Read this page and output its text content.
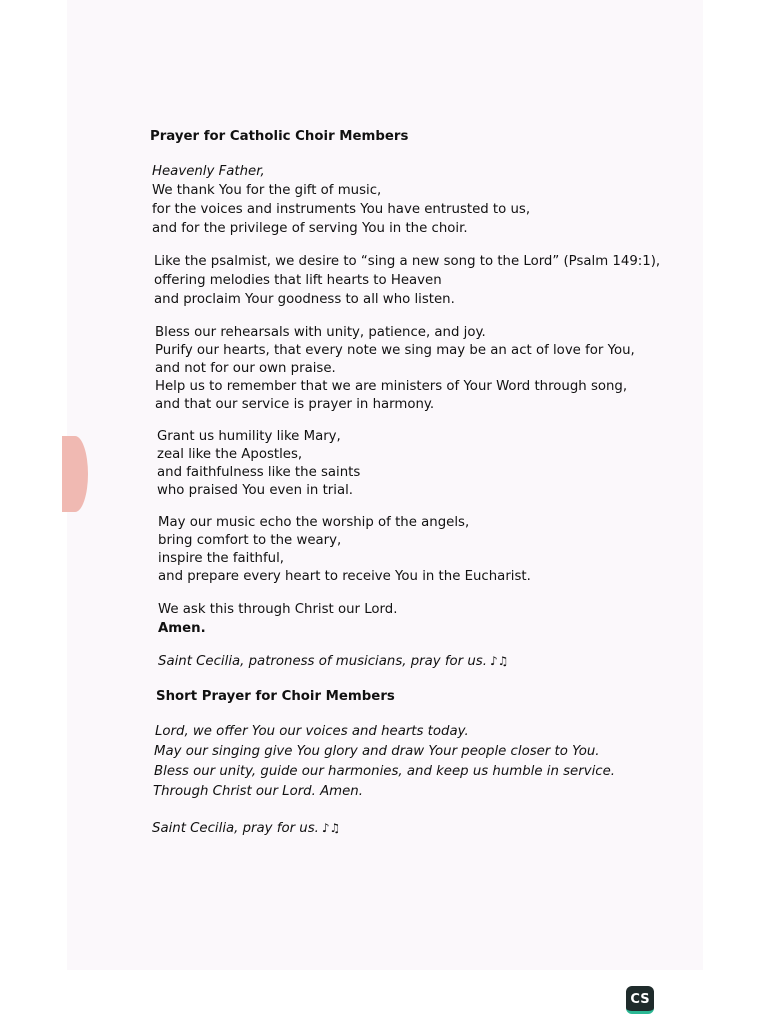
Prayer for Catholic Choir Members
Heavenly Father,
We thank You for the gift of music,
for the voices and instruments You have entrusted to us,
and for the privilege of serving You in the choir.
Like the psalmist, we desire to “sing a new song to the Lord” (Psalm 149:1),
offering melodies that lift hearts to Heaven
and proclaim Your goodness to all who listen.
Bless our rehearsals with unity, patience, and joy.
Purify our hearts, that every note we sing may be an act of love for You,
and not for our own praise.
Help us to remember that we are ministers of Your Word through song,
and that our service is prayer in harmony.
Grant us humility like Mary,
zeal like the Apostles,
and faithfulness like the saints
who praised You even in trial.
May our music echo the worship of the angels,
bring comfort to the weary,
inspire the faithful,
and prepare every heart to receive You in the Eucharist.
We ask this through Christ our Lord.
Amen.
Saint Cecilia, patroness of musicians, pray for us. ♪♫
Short Prayer for Choir Members
Lord, we offer You our voices and hearts today.
May our singing give You glory and draw Your people closer to You.
Bless our unity, guide our harmonies, and keep us humble in service.
Through Christ our Lord. Amen.
Saint Cecilia, pray for us. ♪♫
CS
